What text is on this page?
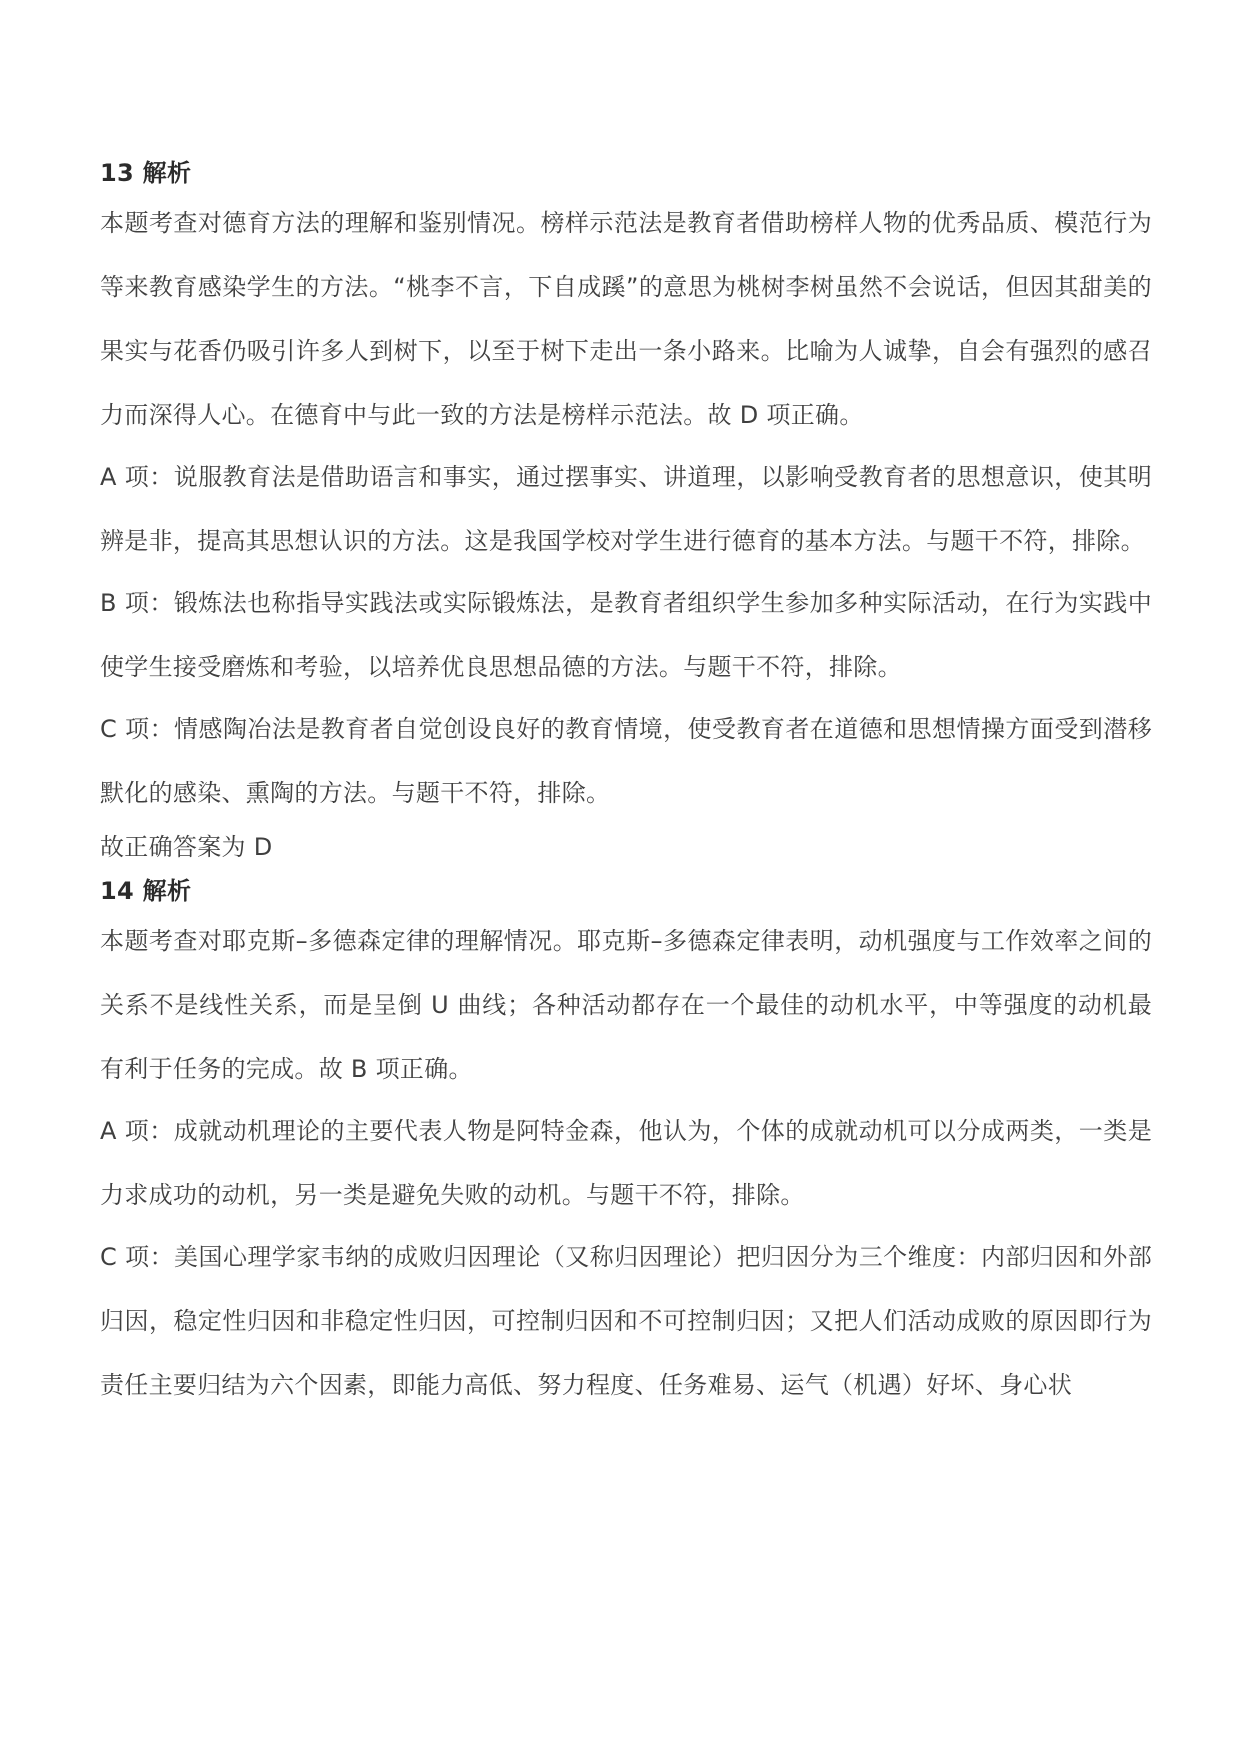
13 解析

本题考查对德育方法的理解和鉴别情况。榜样示范法是教育者借助榜样人物的优秀品质、模范行为等来教育感染学生的方法。“桃李不言，下自成蹊”的意思为桃树李树虽然不会说话，但因其甜美的果实与花香仍吸引许多人到树下，以至于树下走出一条小路来。比喻为人诚挚，自会有强烈的感召力而深得人心。在德育中与此一致的方法是榜样示范法。故 D 项正确。

A 项：说服教育法是借助语言和事实，通过摆事实、讲道理，以影响受教育者的思想意识，使其明辨是非，提高其思想认识的方法。这是我国学校对学生进行德育的基本方法。与题干不符，排除。

B 项：锻炼法也称指导实践法或实际锻炼法，是教育者组织学生参加多种实际活动，在行为实践中使学生接受磨炼和考验，以培养优良思想品德的方法。与题干不符，排除。

C 项：情感陶冶法是教育者自觉创设良好的教育情境，使受教育者在道德和思想情操方面受到潜移默化的感染、熏陶的方法。与题干不符，排除。

故正确答案为 D

14 解析

本题考查对耶克斯–多德森定律的理解情况。耶克斯–多德森定律表明，动机强度与工作效率之间的关系不是线性关系，而是呈倒 U 曲线；各种活动都存在一个最佳的动机水平，中等强度的动机最有利于任务的完成。故 B 项正确。

A 项：成就动机理论的主要代表人物是阿特金森，他认为，个体的成就动机可以分成两类，一类是力求成功的动机，另一类是避免失败的动机。与题干不符，排除。

C 项：美国心理学家韦纳的成败归因理论（又称归因理论）把归因分为三个维度：内部归因和外部归因，稳定性归因和非稳定性归因，可控制归因和不可控制归因；又把人们活动成败的原因即行为责任主要归结为六个因素，即能力高低、努力程度、任务难易、运气（机遇）好坏、身心状
